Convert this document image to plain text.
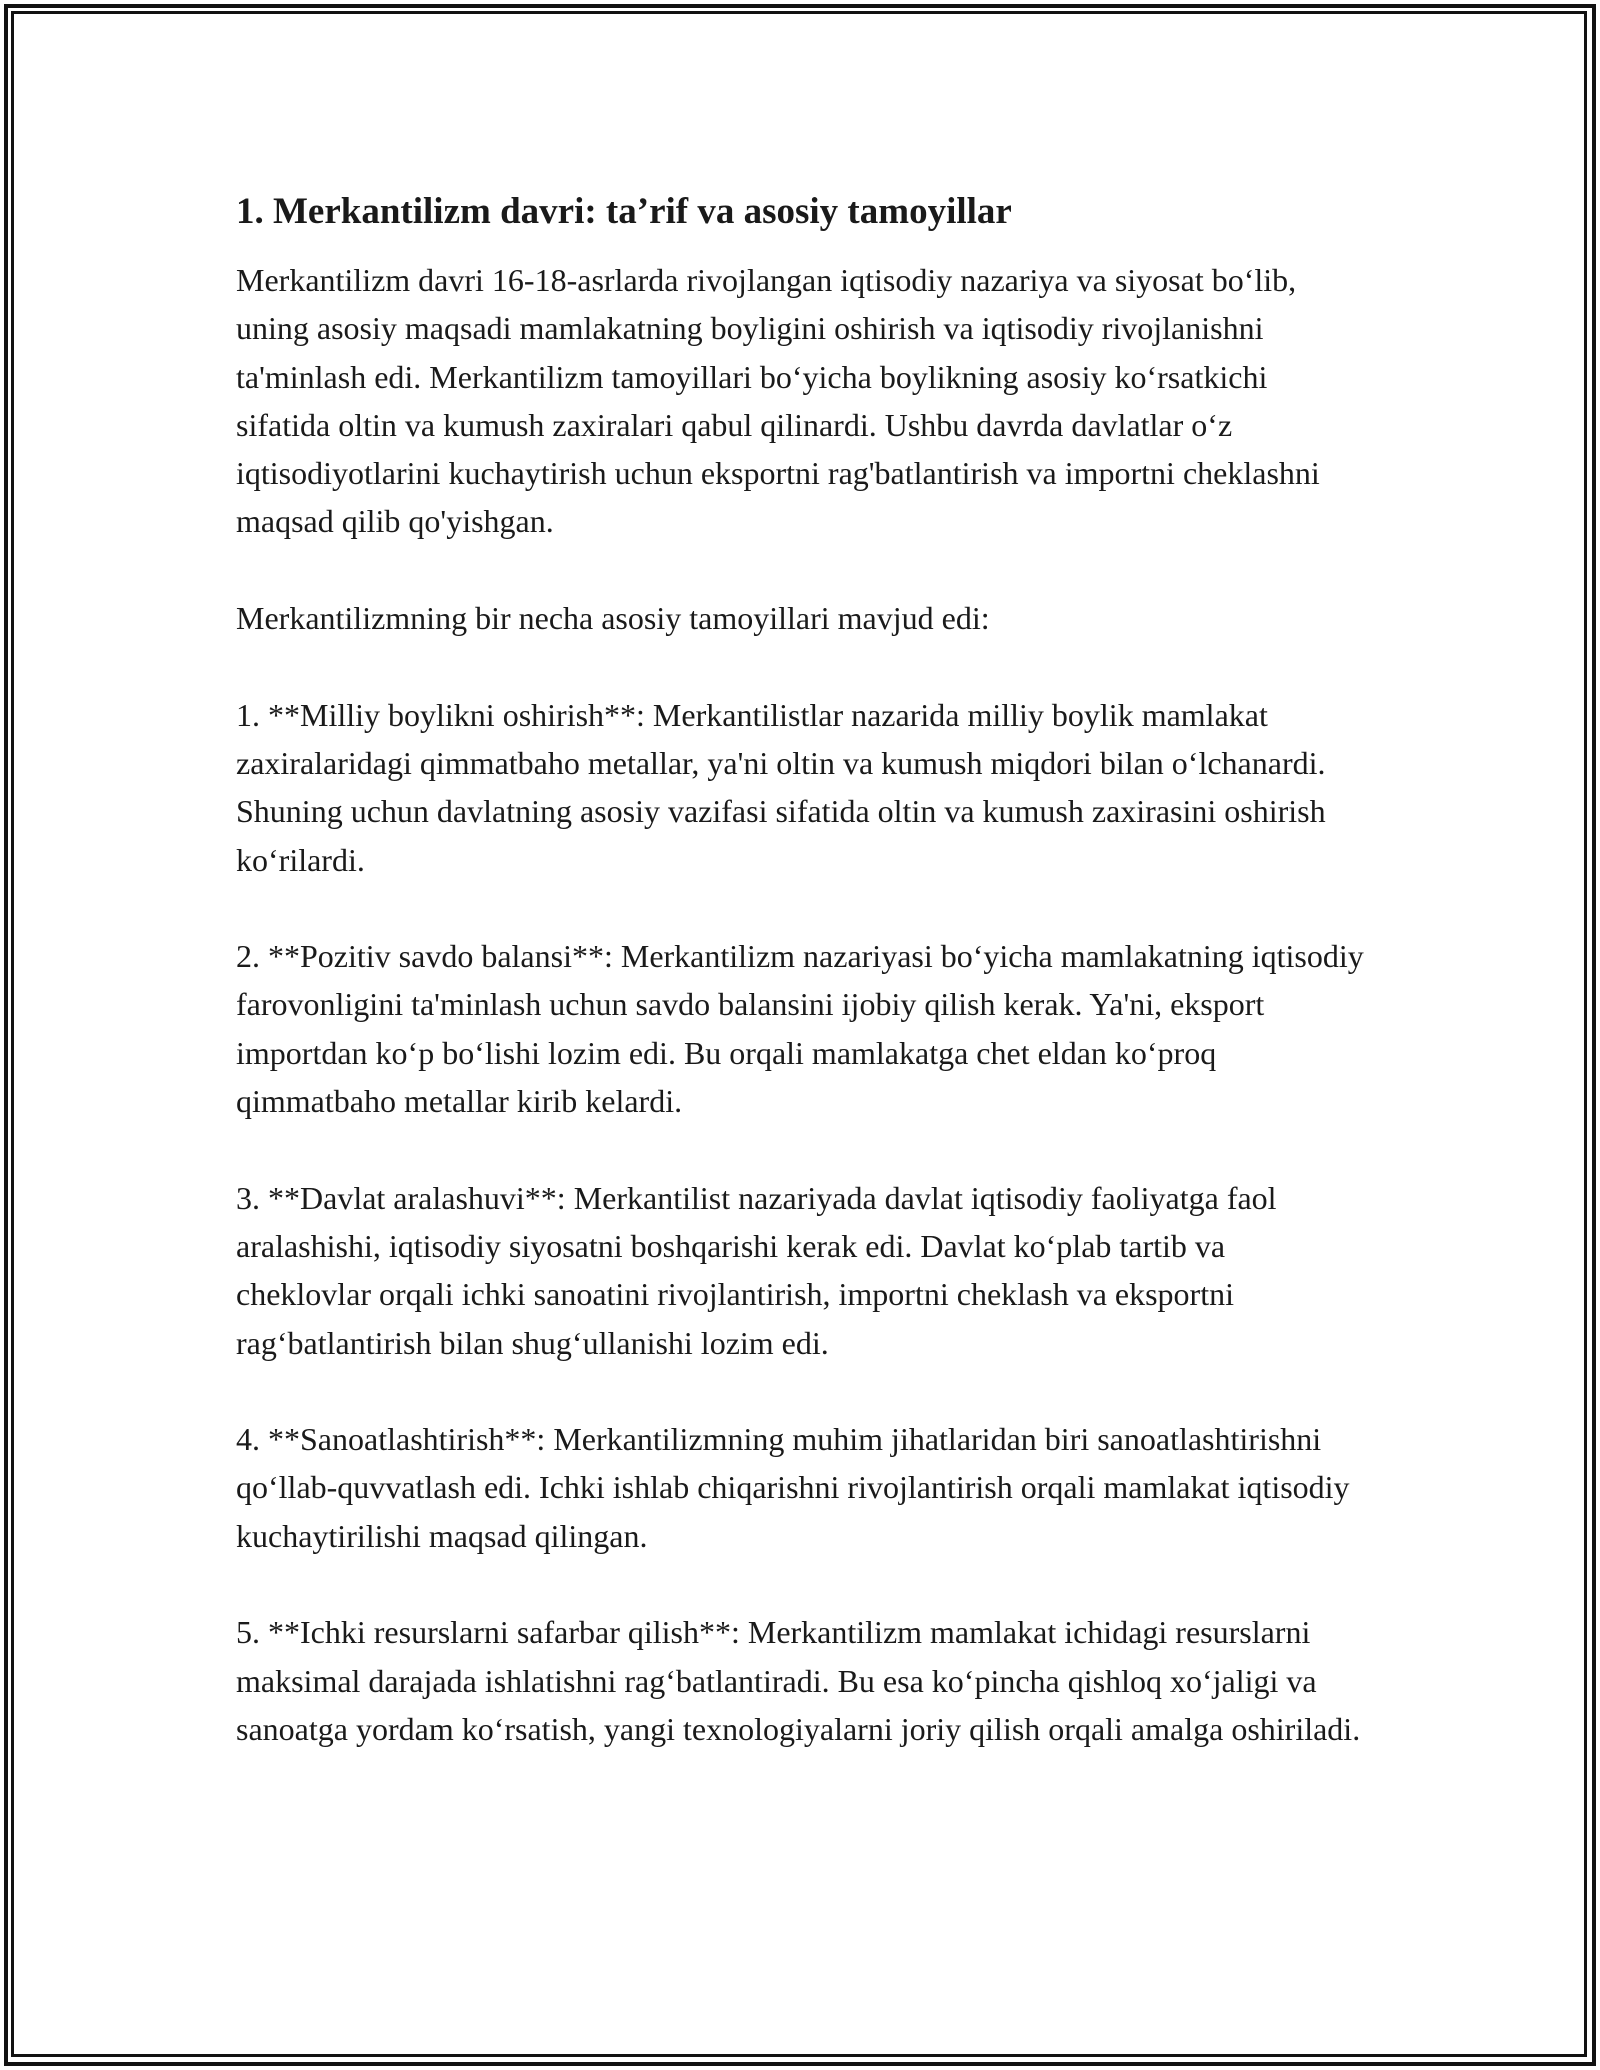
1. Merkantilizm davri: ta’rif va asosiy tamoyillar

Merkantilizm davri 16-18-asrlarda rivojlangan iqtisodiy nazariya va siyosat bo‘lib, uning asosiy maqsadi mamlakatning boyligini oshirish va iqtisodiy rivojlanishni ta'minlash edi. Merkantilizm tamoyillari bo‘yicha boylikning asosiy ko‘rsatkichi sifatida oltin va kumush zaxiralari qabul qilinardi. Ushbu davrda davlatlar o‘z iqtisodiyotlarini kuchaytirish uchun eksportni rag'batlantirish va importni cheklashni maqsad qilib qo'yishgan.

Merkantilizmning bir necha asosiy tamoyillari mavjud edi:

1. **Milliy boylikni oshirish**: Merkantilistlar nazarida milliy boylik mamlakat zaxiralaridagi qimmatbaho metallar, ya'ni oltin va kumush miqdori bilan o‘lchanardi. Shuning uchun davlatning asosiy vazifasi sifatida oltin va kumush zaxirasini oshirish ko‘rilardi.

2. **Pozitiv savdo balansi**: Merkantilizm nazariyasi bo‘yicha mamlakatning iqtisodiy farovonligini ta'minlash uchun savdo balansini ijobiy qilish kerak. Ya'ni, eksport importdan ko‘p bo‘lishi lozim edi. Bu orqali mamlakatga chet eldan ko‘proq qimmatbaho metallar kirib kelardi.

3. **Davlat aralashuvi**: Merkantilist nazariyada davlat iqtisodiy faoliyatga faol aralashishi, iqtisodiy siyosatni boshqarishi kerak edi. Davlat ko‘plab tartib va cheklovlar orqali ichki sanoatini rivojlantirish, importni cheklash va eksportni rag‘batlantirish bilan shug‘ullanishi lozim edi.

4. **Sanoatlashtirish**: Merkantilizmning muhim jihatlaridan biri sanoatlashtirishni qo‘llab-quvvatlash edi. Ichki ishlab chiqarishni rivojlantirish orqali mamlakat iqtisodiy kuchaytirilishi maqsad qilingan.

5. **Ichki resurslarni safarbar qilish**: Merkantilizm mamlakat ichidagi resurslarni maksimal darajada ishlatishni rag‘batlantiradi. Bu esa ko‘pincha qishloq xo‘jaligi va sanoatga yordam ko‘rsatish, yangi texnologiyalarni joriy qilish orqali amalga oshiriladi.
